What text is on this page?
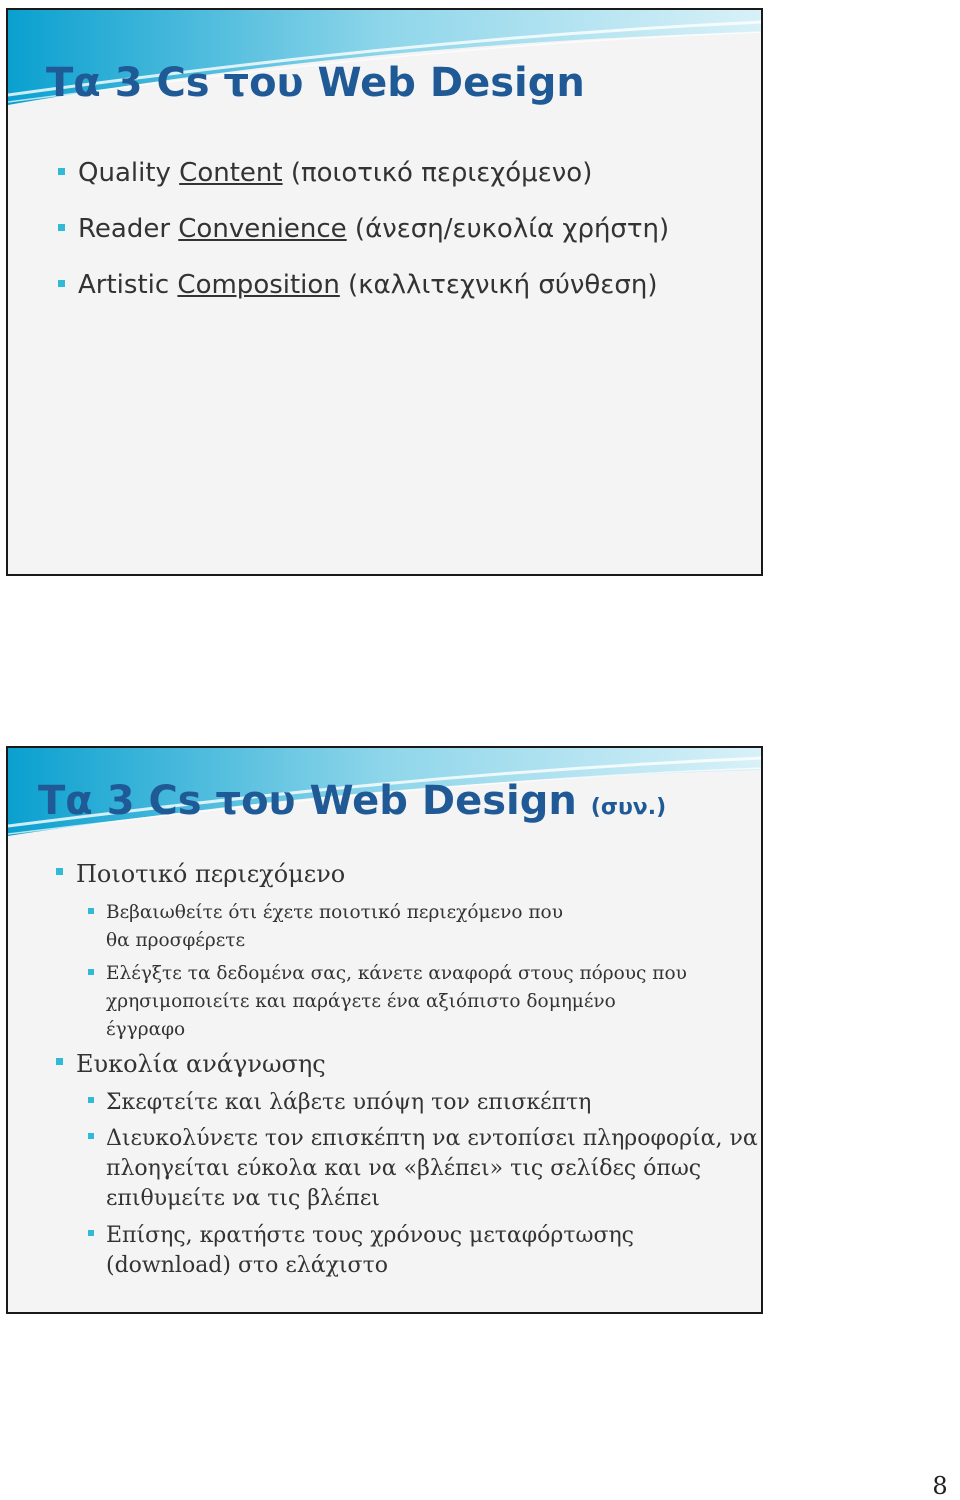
Τα 3 Cs του Web Design
Quality Content (ποιοτικό περιεχόμενο)
Reader Convenience (άνεση/ευκολία χρήστη)
Artistic Composition (καλλιτεχνική σύνθεση)
Τα 3 Cs του Web Design (συν.)
Ποιοτικό περιεχόμενο
Βεβαιωθείτε ότι έχετε ποιοτικό περιεχόμενο που
θα προσφέρετε
Ελέγξτε τα δεδομένα σας, κάνετε αναφορά στους πόρους που
χρησιμοποιείτε και παράγετε ένα αξιόπιστο δομημένο
έγγραφο
Ευκολία ανάγνωσης
Σκεφτείτε και λάβετε υπόψη τον επισκέπτη
Διευκολύνετε τον επισκέπτη να εντοπίσει πληροφορία, να
πλοηγείται εύκολα και να «βλέπει» τις σελίδες όπως
επιθυμείτε να τις βλέπει
Επίσης, κρατήστε τους χρόνους μεταφόρτωσης
(download) στο ελάχιστο
8
